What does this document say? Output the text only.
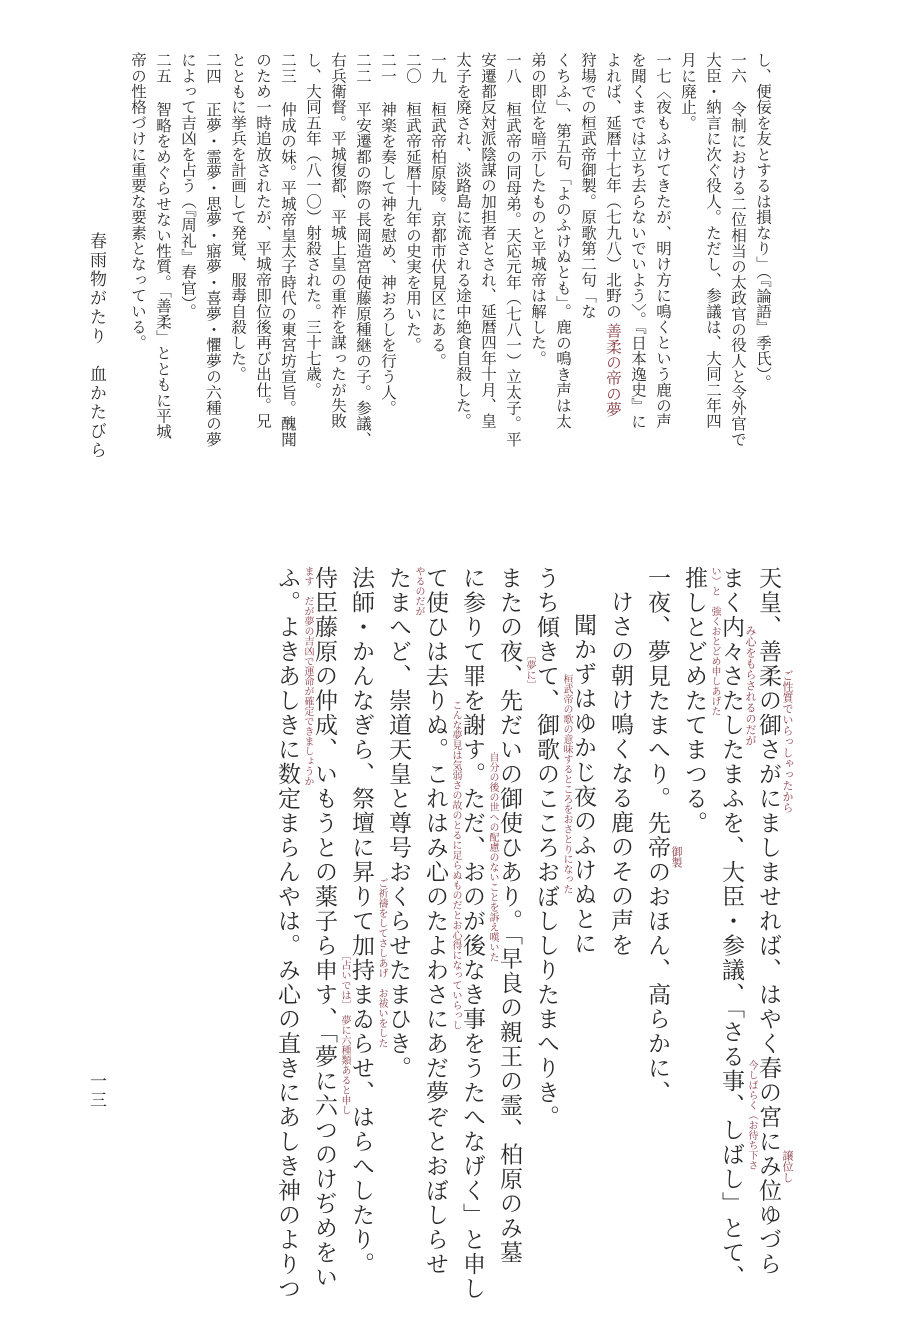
春雨物がたり　血かたびら
一三
し、便佞を友とするは損なり」（『論語』季氏）。
一六 令制における二位相当の太政官の役人と令外官で
大臣・納言に次ぐ役人。ただし、参議は、大同二年四
月に廃止。
一七〈夜もふけてきたが、明け方に鳴くという鹿の声
を聞くまでは立ち去らないでいよう〉。『日本逸史』に
よれば、延暦十七年（七九八）北野の善柔の帝の夢
狩場での桓武帝御製。原歌第二句「な
くちふ」、第五句「よのふけぬとも」。鹿の鳴き声は太
弟の即位を暗示したものと平城帝は解した。
一八 桓武帝の同母弟。天応元年（七八一）立太子。平
安遷都反対派陰謀の加担者とされ、延暦四年十月、皇
太子を廃され、淡路島に流される途中絶食自殺した。
一九 桓武帝柏原陵。京都市伏見区にある。
二〇 桓武帝延暦十九年の史実を用いた。
二一 神楽を奏して神を慰め、神おろしを行う人。
二二 平安遷都の際の長岡造宮使藤原種継の子。参議、
右兵衛督。平城復都、平城上皇の重祚を謀ったが失敗
し、大同五年（八一〇）射殺された。三十七歳。
二三 仲成の妹。平城帝皇太子時代の東宮坊宣旨。醜聞
のため一時追放されたが、平城帝即位後再び出仕。兄
とともに挙兵を計画して発覚、服毒自殺した。
二四 正夢・霊夢・思夢・寤夢・喜夢・懼夢の六種の夢
によって吉凶を占う（『周礼』春官）。
二五 智略をめぐらせない性質。「善柔」とともに平城
帝の性格づけに重要な要素となっている。
天皇、善柔の御さがにましませれば、はやく春の宮にみ位ゆづら
まく内々さたしたまふを、大臣・参議、「さる事、しばし」とて、
推しとどめたてまつる。
一夜、夢見たまへり。先帝のおほん、高らかに、
けさの朝け鳴くなる鹿のその声を
聞かずはゆかじ夜のふけぬとに
うち傾きて、御歌のこころおぼししりたまへりき。
またの夜、先だいの御使ひあり。「早良の親王の霊、柏原のみ墓
に参りて罪を謝す。ただ、おのが後なき事をうたへなげく」と申し
て使ひは去りぬ。これはみ心のたよわさにあだ夢ぞとおぼしらせ
たまへど、崇道天皇と尊号おくらせたまひき。
法師・かんなぎら、祭壇に昇りて加持まゐらせ、はらへしたり。
侍臣藤原の仲成、いもうとの薬子ら申す、「夢に六つのけぢめをい
ふ。よきあしきに数定まらんやは。み心の直きにあしき神のよりつ	ご性質でいらっしゃったから
譲位し
み心をもらされるのだが
今しばらく（お待ち下さ
い）と　強くおとどめ申しあげた
御製
桓武帝の歌の意味するところをおさとりになった
〔夢に〕
自分の後の世への配慮のないことを訴え嘆いた
こんな夢見は気弱さの故のとるに足らぬものだとお心得になっていらっし
やるのだが
ご祈禱をしてさしあげ　お祓いをした
〔占いでは〕　夢に六種類あると申し
ます　だが夢の吉凶で運命が確定できましょうか
